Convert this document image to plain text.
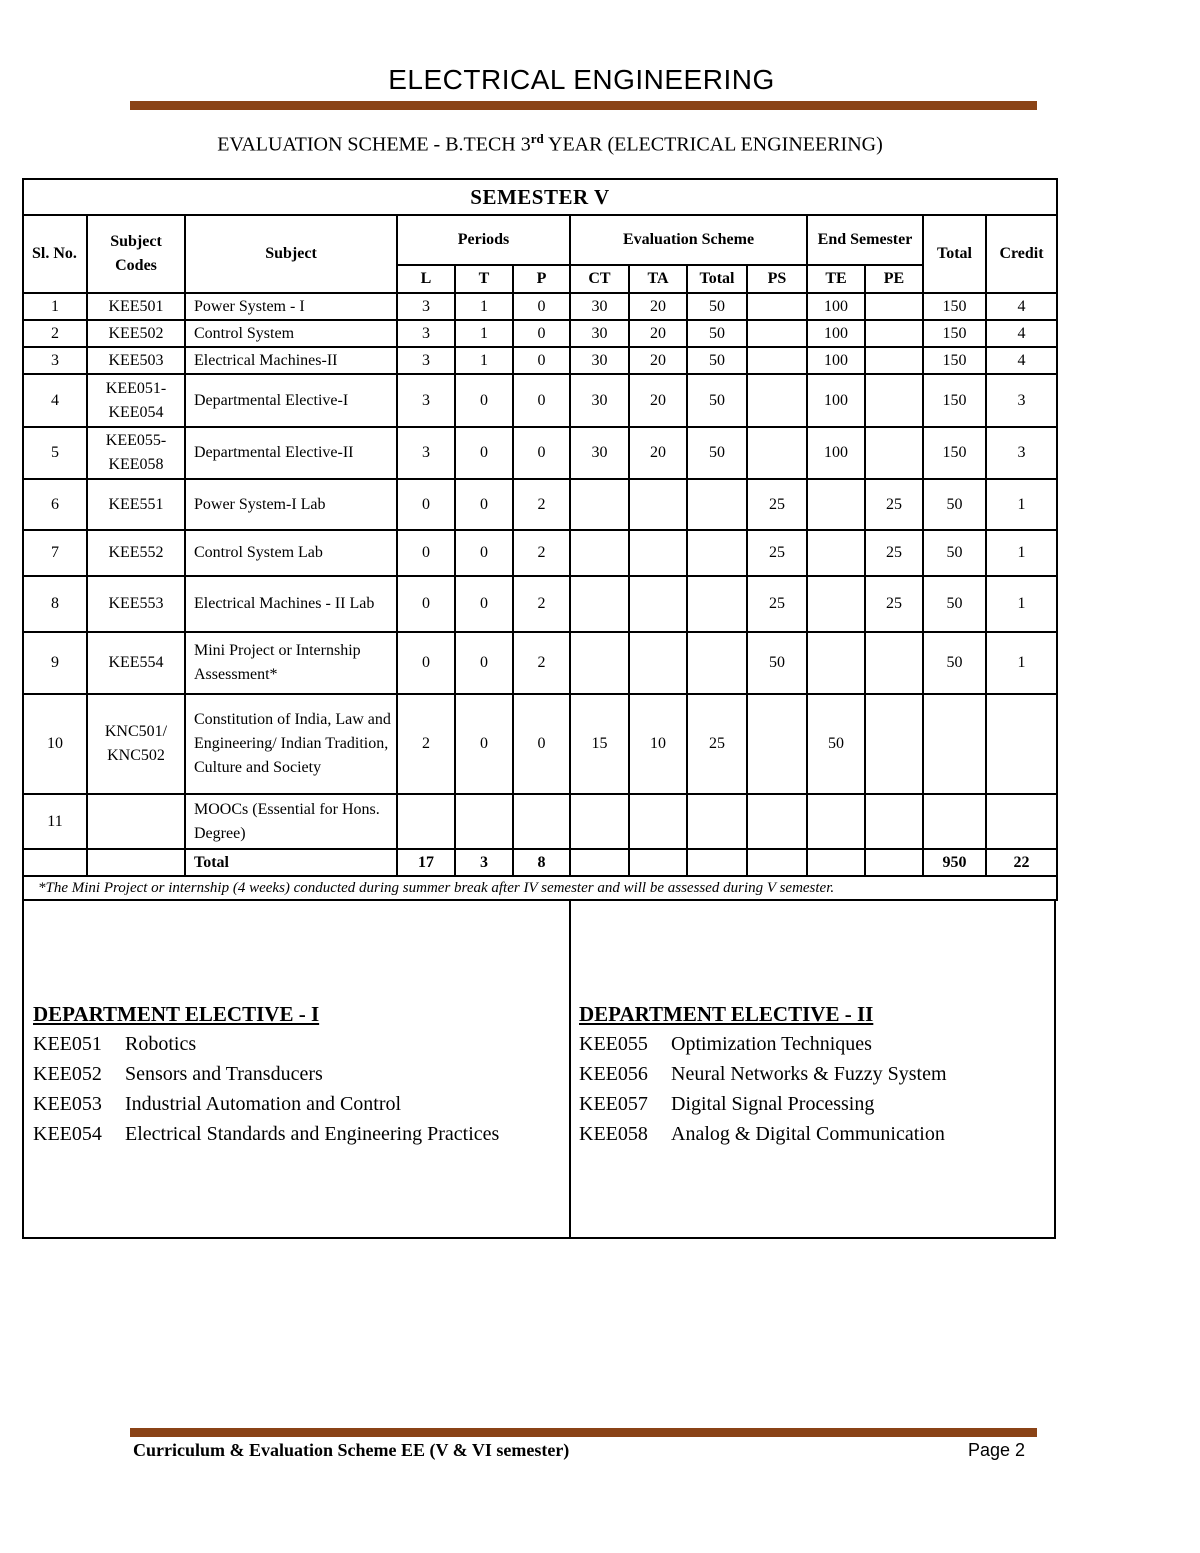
ELECTRICAL ENGINEERING
EVALUATION SCHEME - B.TECH 3rd YEAR (ELECTRICAL ENGINEERING)
SEMESTER V													
Sl. No.	Subject Codes	Subject	Periods			Evaluation Scheme				End Semester		Total	Credit
			L	T	P	CT	TA	Total	PS	TE	PE		
1	KEE501	Power System - I	3	1	0	30	20	50		100		150	4
2	KEE502	Control System	3	1	0	30	20	50		100		150	4
3	KEE503	Electrical Machines-II	3	1	0	30	20	50		100		150	4
4	KEE051-KEE054	Departmental Elective-I	3	0	0	30	20	50		100		150	3
5	KEE055-KEE058	Departmental Elective-II	3	0	0	30	20	50		100		150	3
6	KEE551	Power System-I Lab	0	0	2				25		25	50	1
7	KEE552	Control System Lab	0	0	2				25		25	50	1
8	KEE553	Electrical Machines - II Lab	0	0	2				25		25	50	1
9	KEE554	Mini Project or Internship Assessment*	0	0	2				50			50	1
10	KNC501/ KNC502	Constitution of India, Law and Engineering/ Indian Tradition, Culture and Society	2	0	0	15	10	25		50			
11		MOOCs (Essential for Hons. Degree)											
		Total	17	3	8							950	22
*The Mini Project or internship (4 weeks) conducted during summer break after IV semester and will be assessed during V semester.													
DEPARTMENT ELECTIVE - I
KEE051 Robotics
KEE052 Sensors and Transducers
KEE053 Industrial Automation and Control
KEE054 Electrical Standards and Engineering Practices
DEPARTMENT ELECTIVE - II
KEE055 Optimization Techniques
KEE056 Neural Networks & Fuzzy System
KEE057 Digital Signal Processing
KEE058 Analog & Digital Communication
Curriculum & Evaluation Scheme EE (V & VI semester)	Page 2
